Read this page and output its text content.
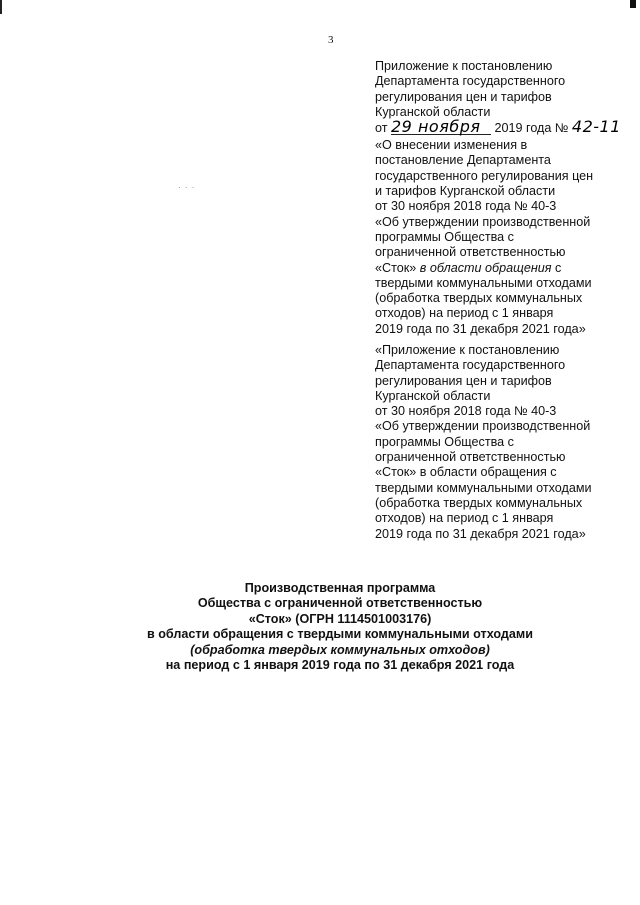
3
· · ·
Приложение к постановлению
Департамента государственного
регулирования цен и тарифов
Курганской области
от 29 ноября 2019 года № 42-11
«О внесении изменения в
постановление Департамента
государственного регулирования цен
и тарифов Курганской области
от 30 ноября 2018 года № 40-3
«Об утверждении производственной
программы Общества с
ограниченной ответственностью
«Сток» в области обращения с
твердыми коммунальными отходами
(обработка твердых коммунальных
отходов) на период с 1 января
2019 года по 31 декабря 2021 года»
«Приложение к постановлению
Департамента государственного
регулирования цен и тарифов
Курганской области
от 30 ноября 2018 года № 40-3
«Об утверждении производственной
программы Общества с
ограниченной ответственностью
«Сток» в области обращения с
твердыми коммунальными отходами
(обработка твердых коммунальных
отходов) на период с 1 января
2019 года по 31 декабря 2021 года»
Производственная программа
Общества с ограниченной ответственностью
«Сток» (ОГРН 1114501003176)
в области обращения с твердыми коммунальными отходами
(обработка твердых коммунальных отходов)
на период с 1 января 2019 года по 31 декабря 2021 года
